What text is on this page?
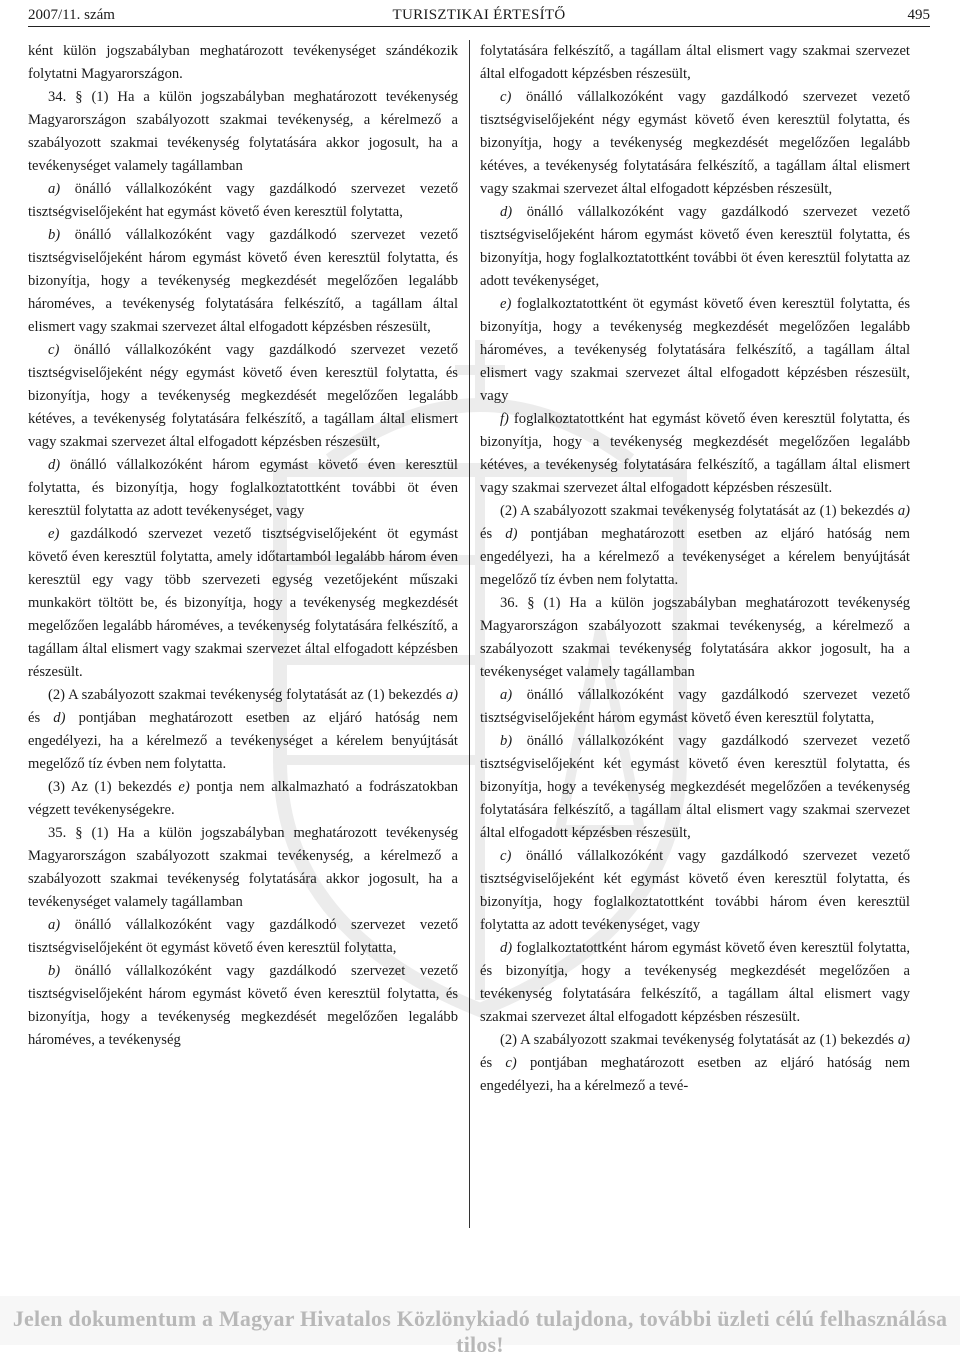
2007/11. szám	TURISZTIKAI ÉRTESÍTŐ	495

ként külön jogszabályban meghatározott tevékenységet szándékozik folytatni Magyarországon.

34. § (1) Ha a külön jogszabályban meghatározott tevékenység Magyarországon szabályozott szakmai tevékenység, a kérelmező a szabályozott szakmai tevékenység folytatására akkor jogosult, ha a tevékenységet valamely tagállamban

a) önálló vállalkozóként vagy gazdálkodó szervezet vezető tisztségviselőjeként hat egymást követő éven keresztül folytatta,

b) önálló vállalkozóként vagy gazdálkodó szervezet vezető tisztségviselőjeként három egymást követő éven keresztül folytatta, és bizonyítja, hogy a tevékenység megkezdését megelőzően legalább hároméves, a tevékenység folytatására felkészítő, a tagállam által elismert vagy szakmai szervezet által elfogadott képzésben részesült,

c) önálló vállalkozóként vagy gazdálkodó szervezet vezető tisztségviselőjeként négy egymást követő éven keresztül folytatta, és bizonyítja, hogy a tevékenység megkezdését megelőzően legalább kétéves, a tevékenység folytatására felkészítő, a tagállam által elismert vagy szakmai szervezet által elfogadott képzésben részesült,

d) önálló vállalkozóként három egymást követő éven keresztül folytatta, és bizonyítja, hogy foglalkoztatottként további öt éven keresztül folytatta az adott tevékenységet, vagy

e) gazdálkodó szervezet vezető tisztségviselőjeként öt egymást követő éven keresztül folytatta, amely időtartamból legalább három éven keresztül egy vagy több szervezeti egység vezetőjeként műszaki munkakört töltött be, és bizonyítja, hogy a tevékenység megkezdését megelőzően legalább hároméves, a tevékenység folytatására felkészítő, a tagállam által elismert vagy szakmai szervezet által elfogadott képzésben részesült.

(2) A szabályozott szakmai tevékenység folytatását az (1) bekezdés a) és d) pontjában meghatározott esetben az eljáró hatóság nem engedélyezi, ha a kérelmező a tevékenységet a kérelem benyújtását megelőző tíz évben nem folytatta.

(3) Az (1) bekezdés e) pontja nem alkalmazható a fodrászatokban végzett tevékenységekre.

35. § (1) Ha a külön jogszabályban meghatározott tevékenység Magyarországon szabályozott szakmai tevékenység, a kérelmező a szabályozott szakmai tevékenység folytatására akkor jogosult, ha a tevékenységet valamely tagállamban

a) önálló vállalkozóként vagy gazdálkodó szervezet vezető tisztségviselőjeként öt egymást követő éven keresztül folytatta,

b) önálló vállalkozóként vagy gazdálkodó szervezet vezető tisztségviselőjeként három egymást követő éven keresztül folytatta, és bizonyítja, hogy a tevékenység megkezdését megelőzően legalább hároméves, a tevékenység

folytatására felkészítő, a tagállam által elismert vagy szakmai szervezet által elfogadott képzésben részesült,

c) önálló vállalkozóként vagy gazdálkodó szervezet vezető tisztségviselőjeként négy egymást követő éven keresztül folytatta, és bizonyítja, hogy a tevékenység megkezdését megelőzően legalább kétéves, a tevékenység folytatására felkészítő, a tagállam által elismert vagy szakmai szervezet által elfogadott képzésben részesült,

d) önálló vállalkozóként vagy gazdálkodó szervezet vezető tisztségviselőjeként három egymást követő éven keresztül folytatta, és bizonyítja, hogy foglalkoztatottként további öt éven keresztül folytatta az adott tevékenységet,

e) foglalkoztatottként öt egymást követő éven keresztül folytatta, és bizonyítja, hogy a tevékenység megkezdését megelőzően legalább hároméves, a tevékenység folytatására felkészítő, a tagállam által elismert vagy szakmai szervezet által elfogadott képzésben részesült, vagy

f) foglalkoztatottként hat egymást követő éven keresztül folytatta, és bizonyítja, hogy a tevékenység megkezdését megelőzően legalább kétéves, a tevékenység folytatására felkészítő, a tagállam által elismert vagy szakmai szervezet által elfogadott képzésben részesült.

(2) A szabályozott szakmai tevékenység folytatását az (1) bekezdés a) és d) pontjában meghatározott esetben az eljáró hatóság nem engedélyezi, ha a kérelmező a tevékenységet a kérelem benyújtását megelőző tíz évben nem folytatta.

36. § (1) Ha a külön jogszabályban meghatározott tevékenység Magyarországon szabályozott szakmai tevékenység, a kérelmező a szabályozott szakmai tevékenység folytatására akkor jogosult, ha a tevékenységet valamely tagállamban

a) önálló vállalkozóként vagy gazdálkodó szervezet vezető tisztségviselőjeként három egymást követő éven keresztül folytatta,

b) önálló vállalkozóként vagy gazdálkodó szervezet vezető tisztségviselőjeként két egymást követő éven keresztül folytatta, és bizonyítja, hogy a tevékenység megkezdését megelőzően a tevékenység folytatására felkészítő, a tagállam által elismert vagy szakmai szervezet által elfogadott képzésben részesült,

c) önálló vállalkozóként vagy gazdálkodó szervezet vezető tisztségviselőjeként két egymást követő éven keresztül folytatta, és bizonyítja, hogy foglalkoztatottként további három éven keresztül folytatta az adott tevékenységet, vagy

d) foglalkoztatottként három egymást követő éven keresztül folytatta, és bizonyítja, hogy a tevékenység megkezdését megelőzően a tevékenység folytatására felkészítő, a tagállam által elismert vagy szakmai szervezet által elfogadott képzésben részesült.

(2) A szabályozott szakmai tevékenység folytatását az (1) bekezdés a) és c) pontjában meghatározott esetben az eljáró hatóság nem engedélyezi, ha a kérelmező a tevé-

Jelen dokumentum a Magyar Hivatalos Közlönykiadó tulajdona, további üzleti célú felhasználása tilos!
